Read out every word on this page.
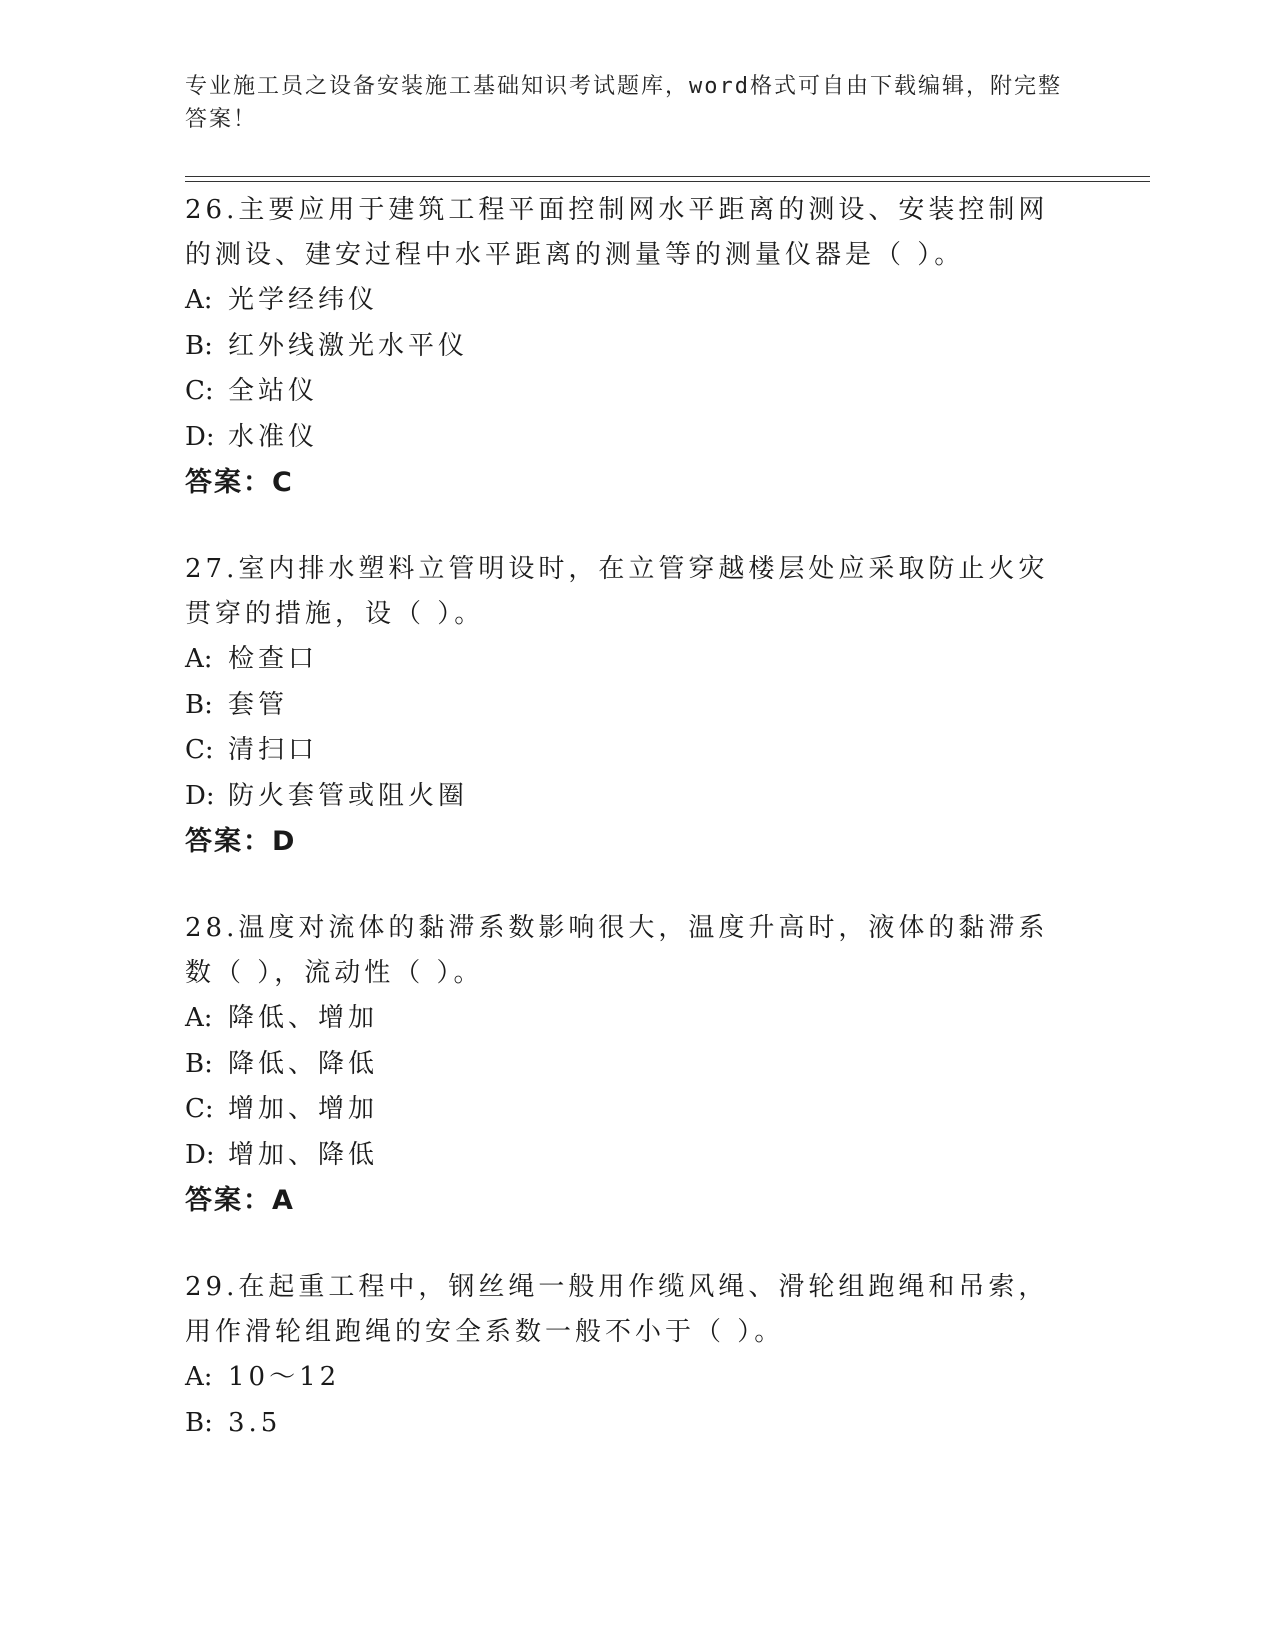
专业施工员之设备安装施工基础知识考试题库，word格式可自由下载编辑，附完整答案！

26.主要应用于建筑工程平面控制网水平距离的测设、安装控制网的测设、建安过程中水平距离的测量等的测量仪器是（ ）。

A: 光学经纬仪

B: 红外线激光水平仪

C: 全站仪

D: 水准仪

答案：C

27.室内排水塑料立管明设时，在立管穿越楼层处应采取防止火灾贯穿的措施，设（ ）。

A: 检查口

B: 套管

C: 清扫口

D: 防火套管或阻火圈

答案：D

28.温度对流体的黏滞系数影响很大，温度升高时，液体的黏滞系数（ ），流动性（ ）。

A: 降低、增加

B: 降低、降低

C: 增加、增加

D: 增加、降低

答案：A

29.在起重工程中，钢丝绳一般用作缆风绳、滑轮组跑绳和吊索，用作滑轮组跑绳的安全系数一般不小于（ ）。

A: 10～12

B: 3.5
